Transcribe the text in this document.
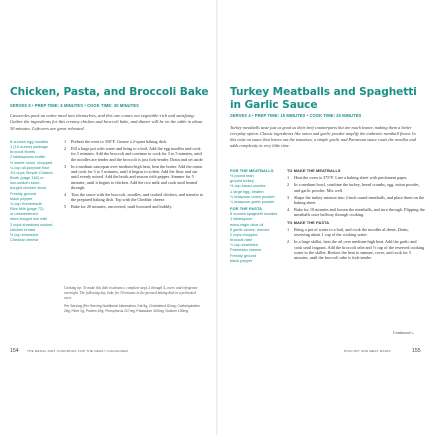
Chicken, Pasta, and Broccoli Bake
SERVES 6 • PREP TIME: 5 MINUTES • COOK TIME: 30 MINUTES
Casseroles pack an entire meal into themselves, and this one comes out vegetable-rich and satisfying. Gather the ingredients for this creamy chicken and broccoli bake, and dinner will be on the table in about 30 minutes. Leftovers are great reheated.
8 ounces egg noodles
1 (10-ounce) package
broccoli florets
2 tablespoons butter
½ sweet onion, chopped
¼ cup all-purpose flour
1½ cups Simple Chicken
Broth (page 182) or
low-sodium store-
bought chicken stock
Freshly ground
black pepper
¾ cup Homemade
Rice Milk (page 72)
or unsweetened
store-bought rice milk
2 cups shredded cooked
chicken breast
½ cup shredded
Cheddar cheese
1	Preheat the oven to 350°F. Grease a 2-quart baking dish.
2	Fill a large pot with water and bring to a boil. Add the egg noodles and cook for 5 minutes. Add the broccoli and continue to cook for 3 to 5 minutes, until the noodles are tender and the broccoli is just fork-tender. Drain and set aside.
3	In a medium saucepan over medium-high heat, heat the butter. Add the onion and cook for 3 to 5 minutes, until it begins to soften. Add the flour and stir until evenly mixed. Add the broth and season with pepper. Simmer for 5 minutes, until it begins to thicken. Add the rice milk and cook until heated through.
4	Toss the sauce with the broccoli, noodles, and cooked chicken, and transfer to the prepared baking dish. Top with the Cheddar cheese.
5	Bake for 20 minutes, uncovered, until browned and bubbly.
Cooking tip: To make this dish in advance, complete steps 2 through 4, cover, and refrigerate overnight. The following day, bake for 30 minutes in the greased baking dish in a preheated oven.
Per Serving (Per Serving Nutritional Information, Fat 9g, Cholesterol 81mg; Carbohydrates 28g; Fiber 2g; Protein 19g; Phosphorus 217mg; Potassium 403mg; Sodium 130mg
154	THE RENAL DIET COOKBOOK FOR THE NEWLY DIAGNOSED
Turkey Meatballs and Spaghetti in Garlic Sauce
SERVES 4 • PREP TIME: 15 MINUTES • COOK TIME: 20 MINUTES
Turkey meatballs taste just as good as their beef counterparts but are much leaner, making them a better everyday option. Classic ingredients like onion and garlic powder amplify the authentic meatball flavor. In this twist on sauce that leaves out the tomatoes, a simple garlic and Parmesan sauce coats the noodles and adds complexity in very little time.
FOR THE MEATBALLS
½ pound lean
ground turkey
½ cup bread crumbs
1 large egg, beaten
¼ teaspoon onion powder
¼ teaspoon garlic powder
FOR THE PASTA
8 ounces spaghetti noodles
1 tablespoon
extra-virgin olive oil
5 garlic cloves, minced
2 cups chopped
broccoli rabe
¼ cup shredded
Parmesan cheese
Freshly ground
black pepper
TO MAKE THE MEATBALLS
1	Heat the oven to 375°F. Line a baking sheet with parchment paper.
2	In a medium bowl, combine the turkey, bread crumbs, egg, onion powder, and garlic powder. Mix well.
3	Shape the turkey mixture into 2-inch round meatballs, and place them on the baking sheet.
4	Bake for 10 minutes and loosen the meatballs, and turn through. Flipping the meatballs once halfway through cooking.
TO MAKE THE PASTA
1	Bring a pot of water to a boil, and cook the noodles al dente. Drain, reserving about 1 cup of the cooking water.
2	In a large skillet, heat the oil over medium-high heat. Add the garlic and cook until fragrant. Add the broccoli rabe and ½ cup of the reserved cooking water to the skillet. Reduce the heat to simmer, cover, and cook for 5 minutes, until the broccoli rabe is fork-tender.
Continued »
POULTRY AND MEAT MAINS	155
